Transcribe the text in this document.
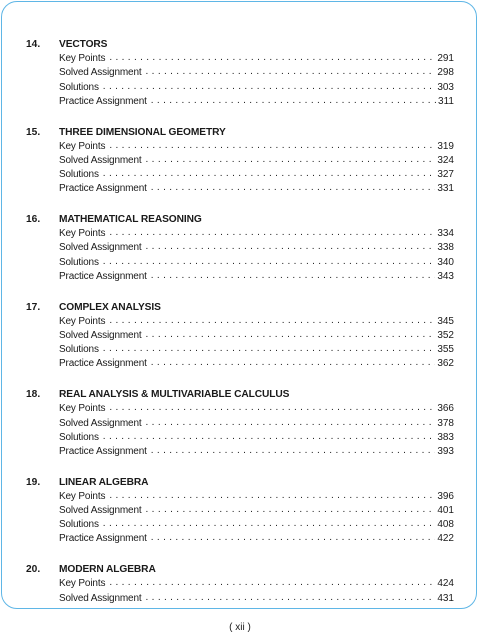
14.	VECTORS
Key Points . . .	291
Solved Assignment . . .	298
Solutions . . .	303
Practice Assignment . . .	311
15.	THREE DIMENSIONAL GEOMETRY
Key Points . . .	319
Solved Assignment . . .	324
Solutions . . .	327
Practice Assignment . . .	331
16.	MATHEMATICAL REASONING
Key Points . . .	334
Solved Assignment . . .	338
Solutions . . .	340
Practice Assignment . . .	343
17.	COMPLEX ANALYSIS
Key Points . . .	345
Solved Assignment . . .	352
Solutions . . .	355
Practice Assignment . . .	362
18.	REAL ANALYSIS & MULTIVARIABLE CALCULUS
Key Points . . .	366
Solved Assignment . . .	378
Solutions . . .	383
Practice Assignment . . .	393
19.	LINEAR ALGEBRA
Key Points . . .	396
Solved Assignment . . .	401
Solutions . . .	408
Practice Assignment . . .	422
20.	MODERN ALGEBRA
Key Points . . .	424
Solved Assignment . . .	431
( xii )
